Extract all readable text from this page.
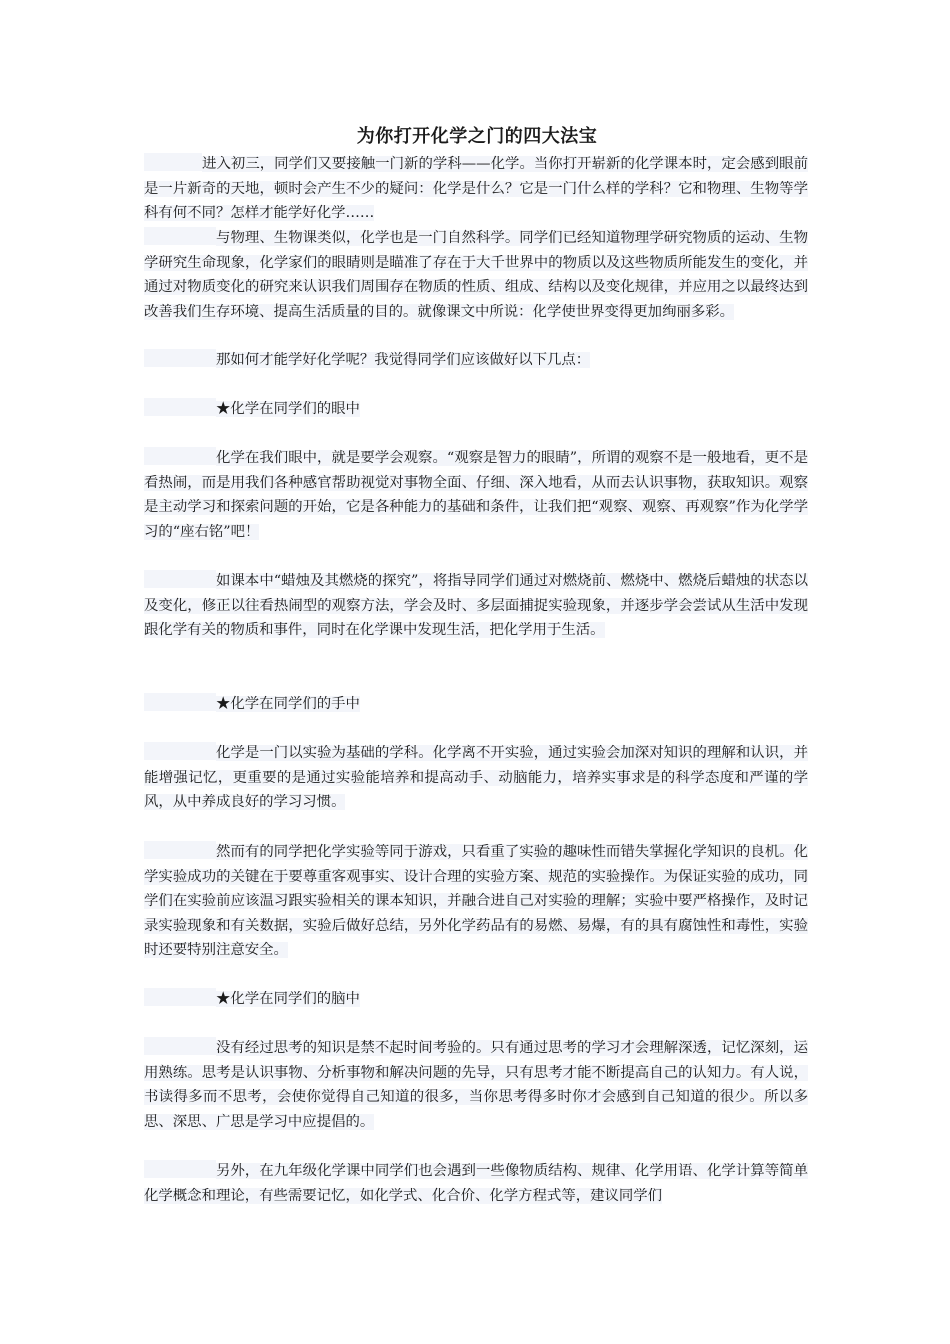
为你打开化学之门的四大法宝

进入初三，同学们又要接触一门新的学科——化学。当你打开崭新的化学课本时，定会感到眼前是一片新奇的天地，顿时会产生不少的疑问：化学是什么？它是一门什么样的学科？它和物理、生物等学科有何不同？怎样才能学好化学……

与物理、生物课类似，化学也是一门自然科学。同学们已经知道物理学研究物质的运动、生物学研究生命现象，化学家们的眼睛则是瞄准了存在于大千世界中的物质以及这些物质所能发生的变化，并通过对物质变化的研究来认识我们周围存在物质的性质、组成、结构以及变化规律，并应用之以最终达到改善我们生存环境、提高生活质量的目的。就像课文中所说：化学使世界变得更加绚丽多彩。

那如何才能学好化学呢？我觉得同学们应该做好以下几点：

★化学在同学们的眼中

化学在我们眼中，就是要学会观察。“观察是智力的眼睛”，所谓的观察不是一般地看，更不是看热闹，而是用我们各种感官帮助视觉对事物全面、仔细、深入地看，从而去认识事物，获取知识。观察是主动学习和探索问题的开始，它是各种能力的基础和条件，让我们把“观察、观察、再观察”作为化学学习的“座右铭”吧！

如课本中“蜡烛及其燃烧的探究”，将指导同学们通过对燃烧前、燃烧中、燃烧后蜡烛的状态以及变化，修正以往看热闹型的观察方法，学会及时、多层面捕捉实验现象，并逐步学会尝试从生活中发现跟化学有关的物质和事件，同时在化学课中发现生活，把化学用于生活。

★化学在同学们的手中

化学是一门以实验为基础的学科。化学离不开实验，通过实验会加深对知识的理解和认识，并能增强记忆，更重要的是通过实验能培养和提高动手、动脑能力，培养实事求是的科学态度和严谨的学风，从中养成良好的学习习惯。

然而有的同学把化学实验等同于游戏，只看重了实验的趣味性而错失掌握化学知识的良机。化学实验成功的关键在于要尊重客观事实、设计合理的实验方案、规范的实验操作。为保证实验的成功，同学们在实验前应该温习跟实验相关的课本知识，并融合进自己对实验的理解；实验中要严格操作，及时记录实验现象和有关数据，实验后做好总结，另外化学药品有的易燃、易爆，有的具有腐蚀性和毒性，实验时还要特别注意安全。

★化学在同学们的脑中

没有经过思考的知识是禁不起时间考验的。只有通过思考的学习才会理解深透，记忆深刻，运用熟练。思考是认识事物、分析事物和解决问题的先导，只有思考才能不断提高自己的认知力。有人说，书读得多而不思考，会使你觉得自己知道的很多，当你思考得多时你才会感到自己知道的很少。所以多思、深思、广思是学习中应提倡的。

另外，在九年级化学课中同学们也会遇到一些像物质结构、规律、化学用语、化学计算等简单化学概念和理论，有些需要记忆，如化学式、化合价、化学方程式等，建议同学们
